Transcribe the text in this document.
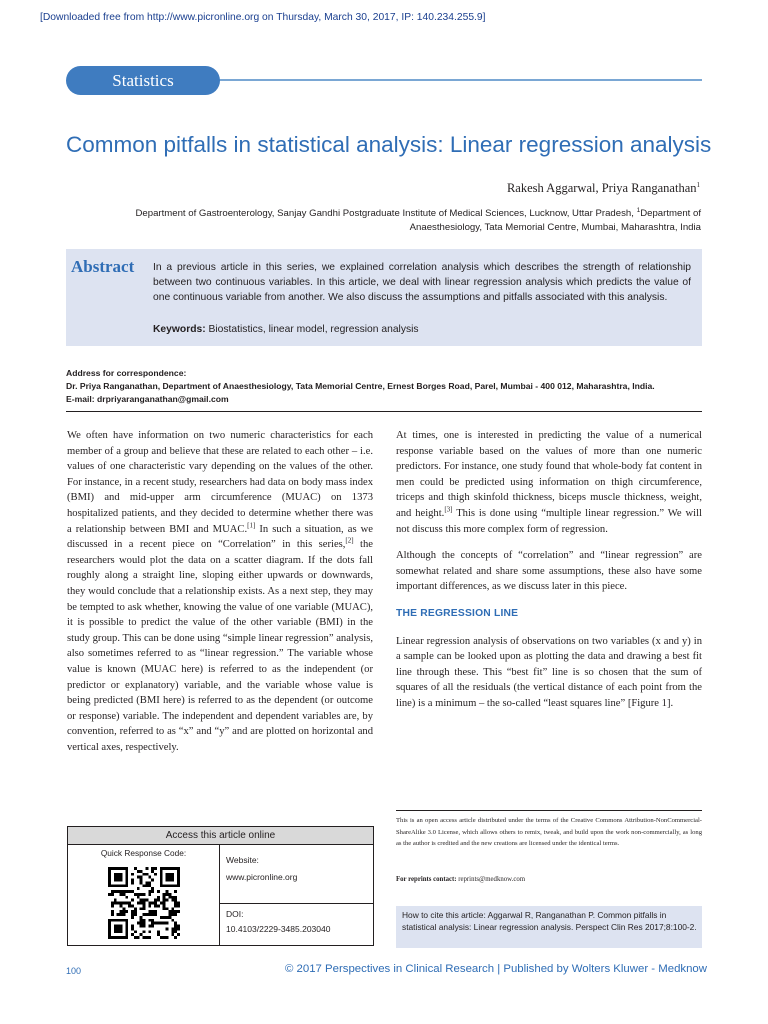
[Downloaded free from http://www.picronline.org on Thursday, March 30, 2017, IP: 140.234.255.9]
Statistics
Common pitfalls in statistical analysis: Linear regression analysis
Rakesh Aggarwal, Priya Ranganathan$^1$
Department of Gastroenterology, Sanjay Gandhi Postgraduate Institute of Medical Sciences, Lucknow, Uttar Pradesh, $^1$Department of Anaesthesiology, Tata Memorial Centre, Mumbai, Maharashtra, India
Abstract In a previous article in this series, we explained correlation analysis which describes the strength of relationship between two continuous variables. In this article, we deal with linear regression analysis which predicts the value of one continuous variable from another. We also discuss the assumptions and pitfalls associated with this analysis.
Keywords: Biostatistics, linear model, regression analysis
Address for correspondence:
Dr. Priya Ranganathan, Department of Anaesthesiology, Tata Memorial Centre, Ernest Borges Road, Parel, Mumbai - 400 012, Maharashtra, India.
E-mail: drpriyaranganathan@gmail.com

We often have information on two numeric characteristics for each member of a group and believe that these are related to each other – i.e. values of one characteristic vary depending on the values of the other. For instance, in a recent study, researchers had data on body mass index (BMI) and mid-upper arm circumference (MUAC) on 1373 hospitalized patients, and they decided to determine whether there was a relationship between BMI and MUAC.[1] In such a situation, as we discussed in a recent piece on “Correlation” in this series,[2] the researchers would plot the data on a scatter diagram. If the dots fall roughly along a straight line, sloping either upwards or downwards, they would conclude that a relationship exists. As a next step, they may be tempted to ask whether, knowing the value of one variable (MUAC), it is possible to predict the value of the other variable (BMI) in the study group. This can be done using “simple linear regression” analysis, also sometimes referred to as “linear regression.” The variable whose value is known (MUAC here) is referred to as the independent (or predictor or explanatory) variable, and the variable whose value is being predicted (BMI here) is referred to as the dependent (or outcome or response) variable. The independent and dependent variables are, by convention, referred to as “x” and “y” and are plotted on horizontal and vertical axes, respectively.

At times, one is interested in predicting the value of a numerical response variable based on the values of more than one numeric predictors. For instance, one study found that whole-body fat content in men could be predicted using information on thigh circumference, triceps and thigh skinfold thickness, biceps muscle thickness, weight, and height.[3] This is done using “multiple linear regression.” We will not discuss this more complex form of regression.

Although the concepts of “correlation” and “linear regression” are somewhat related and share some assumptions, these also have some important differences, as we discuss later in this piece.

THE REGRESSION LINE

Linear regression analysis of observations on two variables (x and y) in a sample can be looked upon as plotting the data and drawing a best fit line through these. This “best fit” line is so chosen that the sum of squares of all the residuals (the vertical distance of each point from the line) is a minimum – the so-called “least squares line” [Figure 1].

Access this article online
Quick Response Code:
Website:
www.picronline.org
DOI:
10.4103/2229-3485.203040
This is an open access article distributed under the terms of the Creative Commons Attribution-NonCommercial-ShareAlike 3.0 License, which allows others to remix, tweak, and build upon the work non-commercially, as long as the author is credited and the new creations are licensed under the identical terms.
For reprints contact: reprints@medknow.com
How to cite this article: Aggarwal R, Ranganathan P. Common pitfalls in statistical analysis: Linear regression analysis. Perspect Clin Res 2017;8:100-2.
100	© 2017 Perspectives in Clinical Research | Published by Wolters Kluwer - Medknow
